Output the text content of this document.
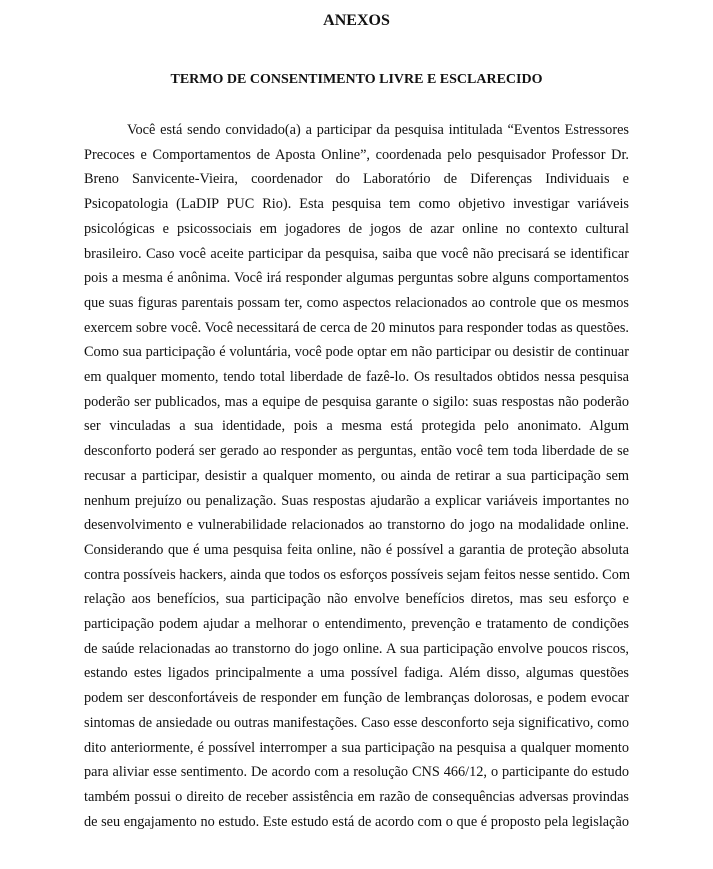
ANEXOS
TERMO DE CONSENTIMENTO LIVRE E ESCLARECIDO

Você está sendo convidado(a) a participar da pesquisa intitulada “Eventos Estressores
Precoces e Comportamentos de Aposta Online”, coordenada pelo pesquisador Professor Dr.
Breno Sanvicente-Vieira, coordenador do Laboratório de Diferenças Individuais e
Psicopatologia (LaDIP PUC Rio). Esta pesquisa tem como objetivo investigar variáveis
psicológicas e psicossociais em jogadores de jogos de azar online no contexto cultural
brasileiro. Caso você aceite participar da pesquisa, saiba que você não precisará se identificar
pois a mesma é anônima. Você irá responder algumas perguntas sobre alguns comportamentos
que suas figuras parentais possam ter, como aspectos relacionados ao controle que os mesmos
exercem sobre você. Você necessitará de cerca de 20 minutos para responder todas as questões.
Como sua participação é voluntária, você pode optar em não participar ou desistir de continuar
em qualquer momento, tendo total liberdade de fazê-lo. Os resultados obtidos nessa pesquisa
poderão ser publicados, mas a equipe de pesquisa garante o sigilo: suas respostas não poderão
ser vinculadas a sua identidade, pois a mesma está protegida pelo anonimato. Algum
desconforto poderá ser gerado ao responder as perguntas, então você tem toda liberdade de se
recusar a participar, desistir a qualquer momento, ou ainda de retirar a sua participação sem
nenhum prejuízo ou penalização. Suas respostas ajudarão a explicar variáveis importantes no
desenvolvimento e vulnerabilidade relacionados ao transtorno do jogo na modalidade online.
Considerando que é uma pesquisa feita online, não é possível a garantia de proteção absoluta
contra possíveis hackers, ainda que todos os esforços possíveis sejam feitos nesse sentido. Com
relação aos benefícios, sua participação não envolve benefícios diretos, mas seu esforço e
participação podem ajudar a melhorar o entendimento, prevenção e tratamento de condições
de saúde relacionadas ao transtorno do jogo online. A sua participação envolve poucos riscos,
estando estes ligados principalmente a uma possível fadiga. Além disso, algumas questões
podem ser desconfortáveis de responder em função de lembranças dolorosas, e podem evocar
sintomas de ansiedade ou outras manifestações. Caso esse desconforto seja significativo, como
dito anteriormente, é possível interromper a sua participação na pesquisa a qualquer momento
para aliviar esse sentimento. De acordo com a resolução CNS 466/12, o participante do estudo
também possui o direito de receber assistência em razão de consequências adversas provindas
de seu engajamento no estudo. Este estudo está de acordo com o que é proposto pela legislação
